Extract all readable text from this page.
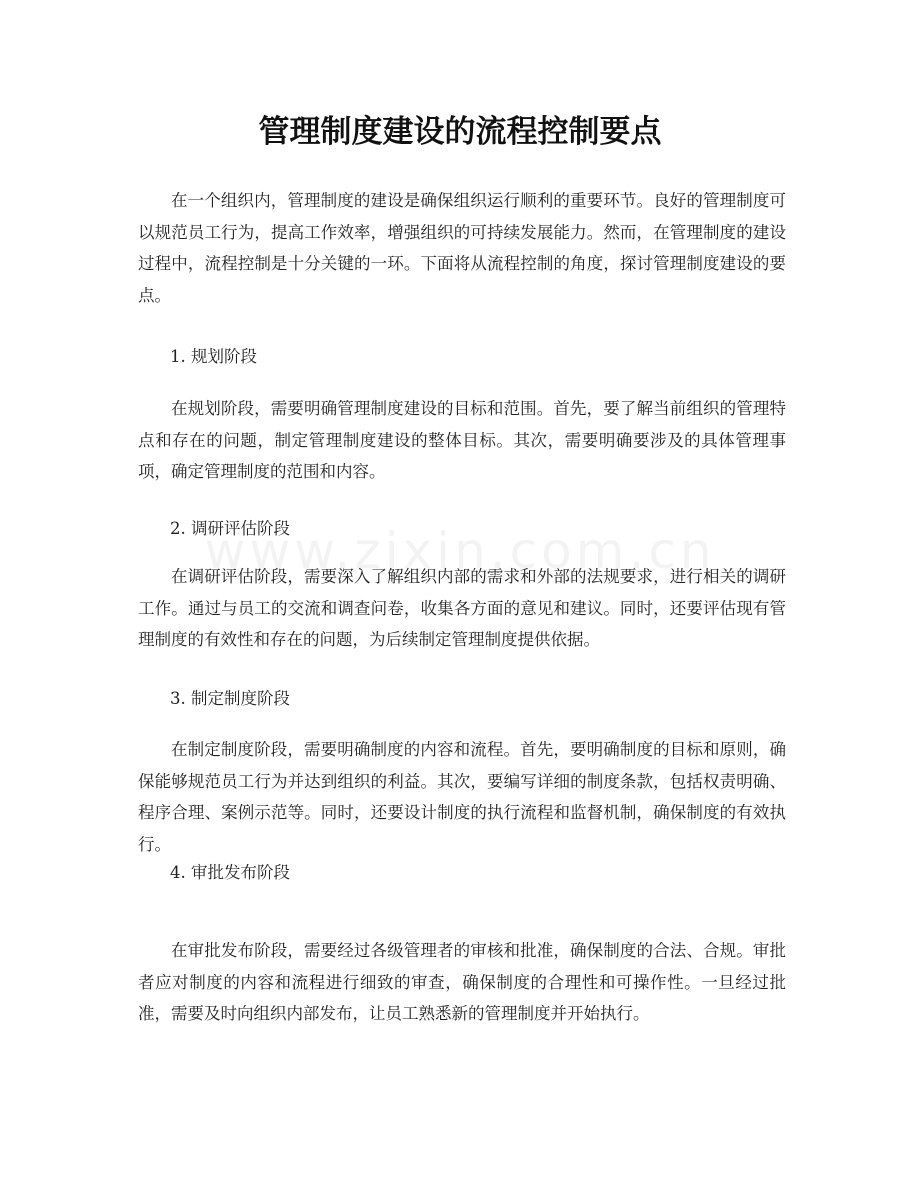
管理制度建设的流程控制要点

在一个组织内，管理制度的建设是确保组织运行顺利的重要环节。良好的管理制度可以规范员工行为，提高工作效率，增强组织的可持续发展能力。然而，在管理制度的建设过程中，流程控制是十分关键的一环。下面将从流程控制的角度，探讨管理制度建设的要点。

1. 规划阶段

在规划阶段，需要明确管理制度建设的目标和范围。首先，要了解当前组织的管理特点和存在的问题，制定管理制度建设的整体目标。其次，需要明确要涉及的具体管理事项，确定管理制度的范围和内容。

2. 调研评估阶段

在调研评估阶段，需要深入了解组织内部的需求和外部的法规要求，进行相关的调研工作。通过与员工的交流和调查问卷，收集各方面的意见和建议。同时，还要评估现有管理制度的有效性和存在的问题，为后续制定管理制度提供依据。

3. 制定制度阶段

在制定制度阶段，需要明确制度的内容和流程。首先，要明确制度的目标和原则，确保能够规范员工行为并达到组织的利益。其次，要编写详细的制度条款，包括权责明确、程序合理、案例示范等。同时，还要设计制度的执行流程和监督机制，确保制度的有效执行。

4. 审批发布阶段

在审批发布阶段，需要经过各级管理者的审核和批准，确保制度的合法、合规。审批者应对制度的内容和流程进行细致的审查，确保制度的合理性和可操作性。一旦经过批准，需要及时向组织内部发布，让员工熟悉新的管理制度并开始执行。
